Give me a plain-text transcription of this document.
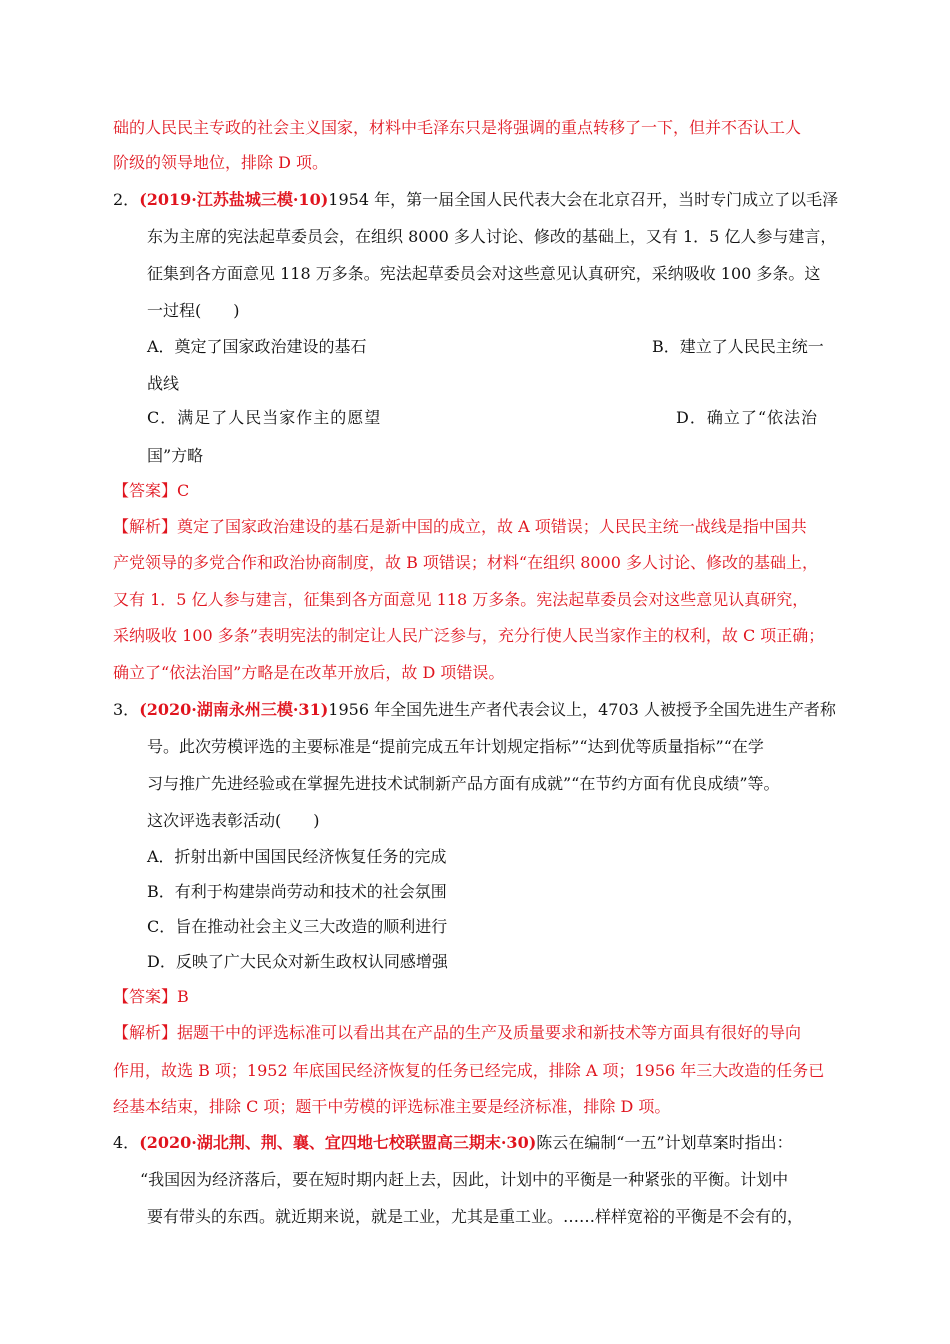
础的人民民主专政的社会主义国家，材料中毛泽东只是将强调的重点转移了一下，但并不否认工人
阶级的领导地位，排除 D 项。
2．(2019·江苏盐城三模·10)1954 年，第一届全国人民代表大会在北京召开，当时专门成立了以毛泽
东为主席的宪法起草委员会，在组织 8000 多人讨论、修改的基础上，又有 1．5 亿人参与建言，
征集到各方面意见 118 万多条。宪法起草委员会对这些意见认真研究，采纳吸收 100 多条。这
一过程(　　)
A．奠定了国家政治建设的基石	B．建立了人民民主统一
战线
C．满足了人民当家作主的愿望	D．确立了“依法治
国”方略
【答案】C
【解析】奠定了国家政治建设的基石是新中国的成立，故 A 项错误；人民民主统一战线是指中国共
产党领导的多党合作和政治协商制度，故 B 项错误；材料“在组织 8000 多人讨论、修改的基础上，
又有 1．5 亿人参与建言，征集到各方面意见 118 万多条。宪法起草委员会对这些意见认真研究，
采纳吸收 100 多条”表明宪法的制定让人民广泛参与，充分行使人民当家作主的权利，故 C 项正确；
确立了“依法治国”方略是在改革开放后，故 D 项错误。
3．(2020·湖南永州三模·31)1956 年全国先进生产者代表会议上，4703 人被授予全国先进生产者称
号。此次劳模评选的主要标准是“提前完成五年计划规定指标”“达到优等质量指标”“在学
习与推广先进经验或在掌握先进技术试制新产品方面有成就”“在节约方面有优良成绩”等。
这次评选表彰活动(　　)
A．折射出新中国国民经济恢复任务的完成
B．有利于构建崇尚劳动和技术的社会氛围
C．旨在推动社会主义三大改造的顺利进行
D．反映了广大民众对新生政权认同感增强
【答案】B
【解析】据题干中的评选标准可以看出其在产品的生产及质量要求和新技术等方面具有很好的导向
作用，故选 B 项；1952 年底国民经济恢复的任务已经完成，排除 A 项；1956 年三大改造的任务已
经基本结束，排除 C 项；题干中劳模的评选标准主要是经济标准，排除 D 项。
4．(2020·湖北荆、荆、襄、宜四地七校联盟高三期末·30)陈云在编制“一五”计划草案时指出：
“我国因为经济落后，要在短时期内赶上去，因此，计划中的平衡是一种紧张的平衡。计划中
要有带头的东西。就近期来说，就是工业，尤其是重工业。……样样宽裕的平衡是不会有的，
